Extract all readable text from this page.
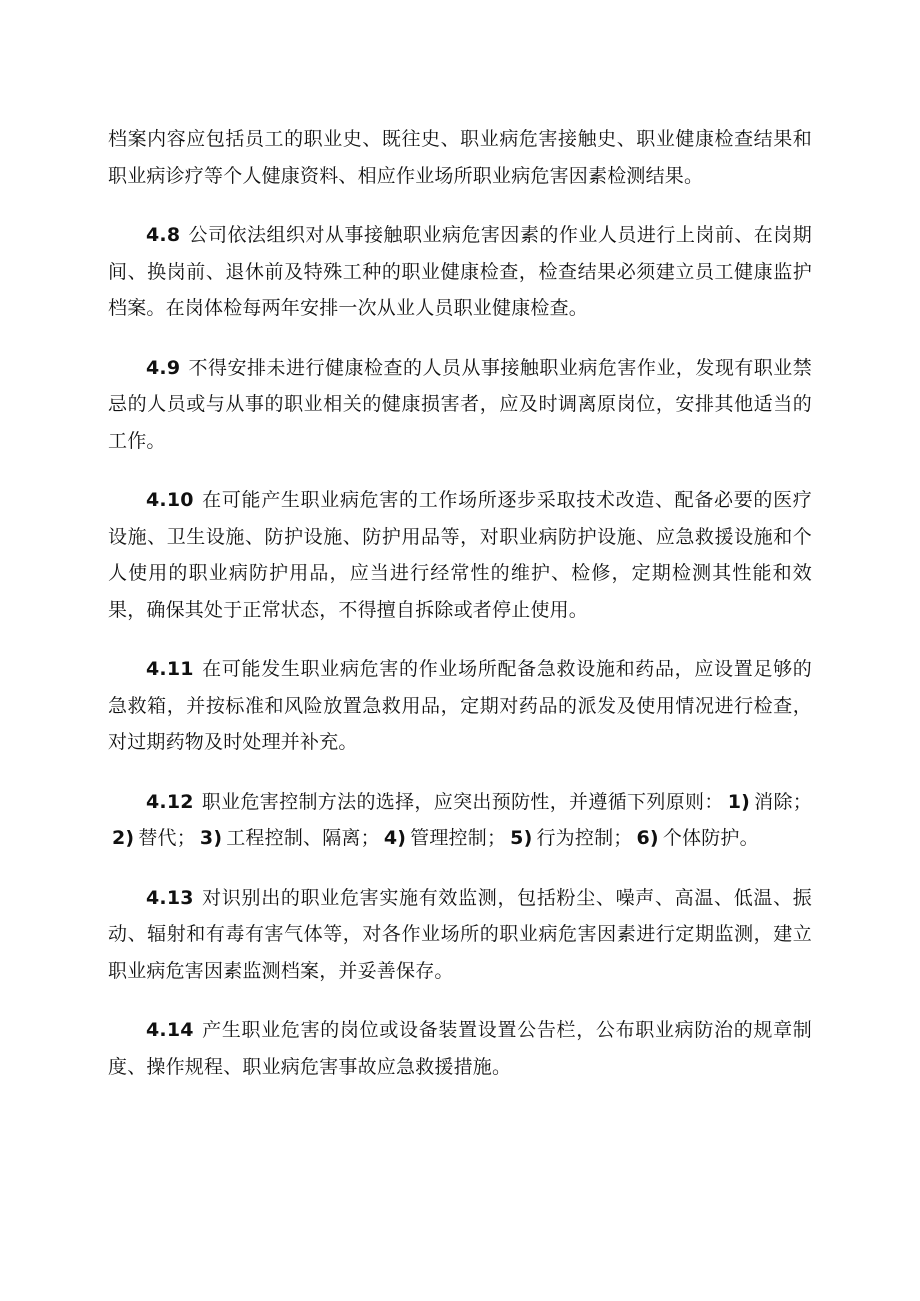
档案内容应包括员工的职业史、既往史、职业病危害接触史、职业健康检查结果和职业病诊疗等个人健康资料、相应作业场所职业病危害因素检测结果。

4.8 公司依法组织对从事接触职业病危害因素的作业人员进行上岗前、在岗期间、换岗前、退休前及特殊工种的职业健康检查，检查结果必须建立员工健康监护档案。在岗体检每两年安排一次从业人员职业健康检查。

4.9 不得安排未进行健康检查的人员从事接触职业病危害作业，发现有职业禁忌的人员或与从事的职业相关的健康损害者，应及时调离原岗位，安排其他适当的工作。

4.10 在可能产生职业病危害的工作场所逐步采取技术改造、配备必要的医疗设施、卫生设施、防护设施、防护用品等，对职业病防护设施、应急救援设施和个人使用的职业病防护用品，应当进行经常性的维护、检修，定期检测其性能和效果，确保其处于正常状态，不得擅自拆除或者停止使用。

4.11 在可能发生职业病危害的作业场所配备急救设施和药品，应设置足够的急救箱，并按标准和风险放置急救用品，定期对药品的派发及使用情况进行检查，对过期药物及时处理并补充。

4.12 职业危害控制方法的选择，应突出预防性，并遵循下列原则： 1) 消除；2) 替代； 3) 工程控制、隔离； 4) 管理控制； 5) 行为控制； 6) 个体防护。

4.13 对识别出的职业危害实施有效监测，包括粉尘、噪声、高温、低温、振动、辐射和有毒有害气体等，对各作业场所的职业病危害因素进行定期监测，建立职业病危害因素监测档案，并妥善保存。

4.14 产生职业危害的岗位或设备装置设置公告栏，公布职业病防治的规章制度、操作规程、职业病危害事故应急救援措施。
